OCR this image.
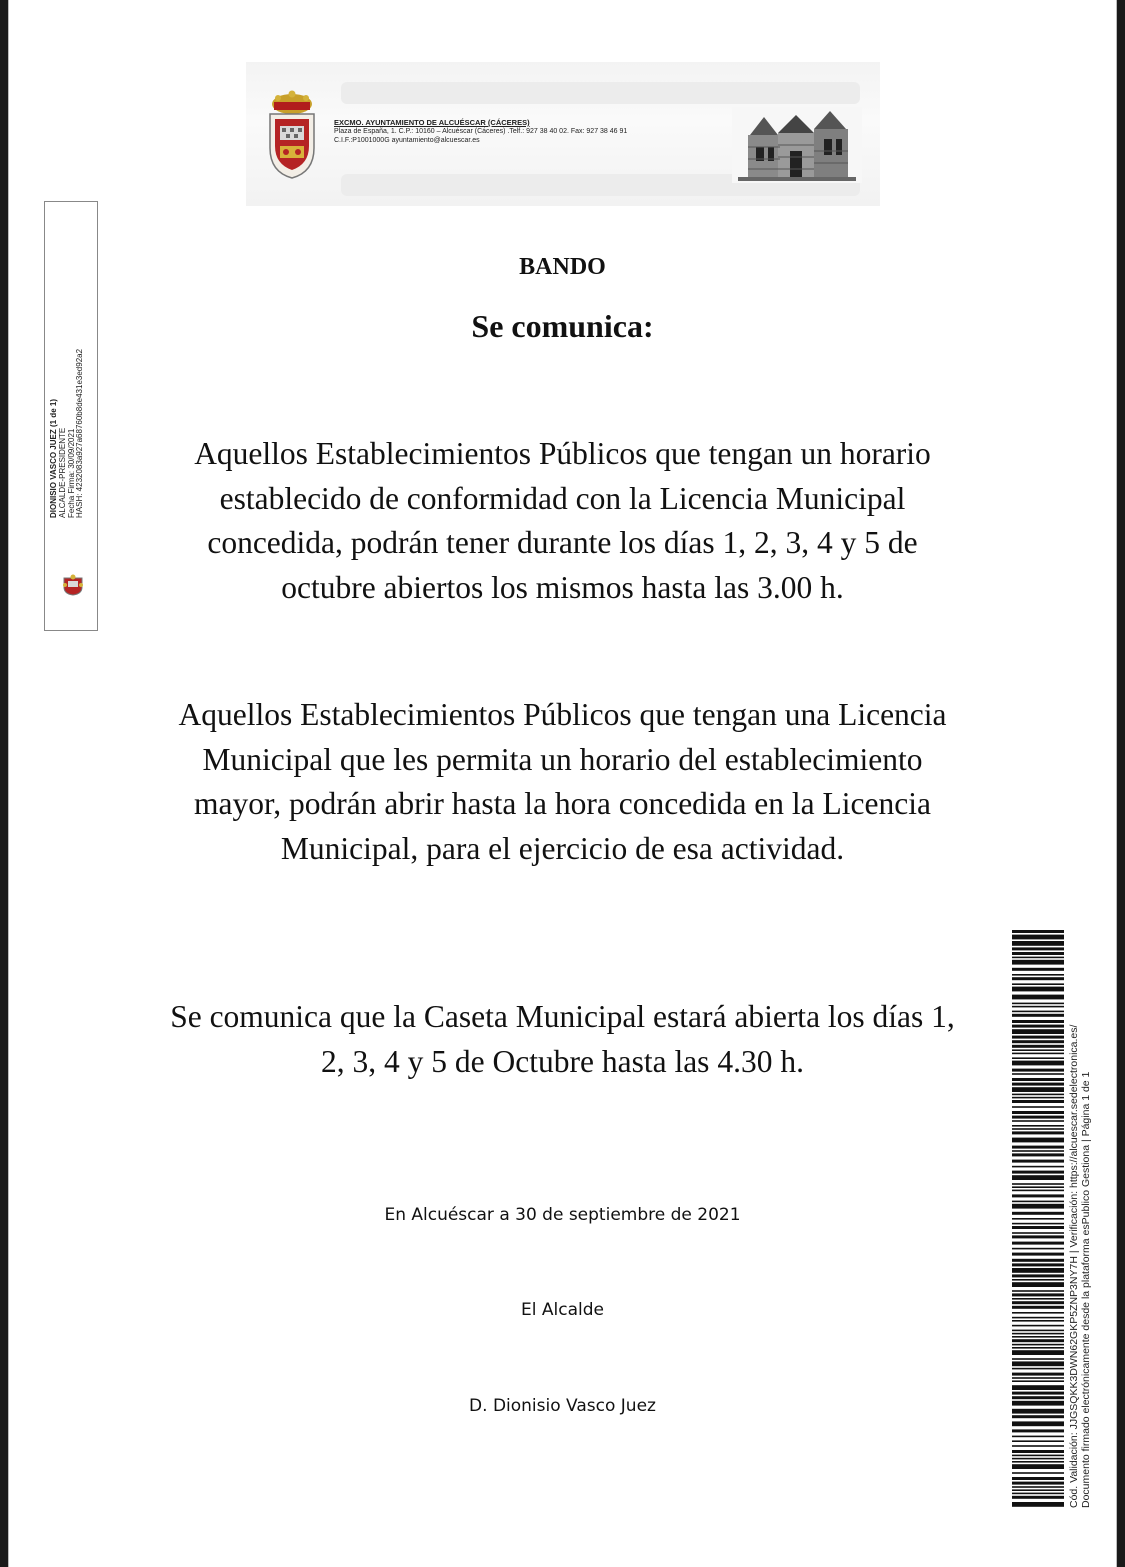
EXCMO. AYUNTAMIENTO DE ALCUÉSCAR (CÁCERES)
Plaza de España, 1. C.P.: 10160 – Alcuéscar (Cáceres) .Telf.: 927 38 40 02. Fax: 927 38 46 91
C.I.F.:P1001000G ayuntamiento@alcuescar.es
DIONISIO VASCO JUEZ (1 de 1) ALCALDE-PRESIDENTE Fecha Firma: 30/09/2021 HASH: 4232083a927a68760b8de431e3ed92a2
BANDO
Se comunica:
Aquellos Establecimientos Públicos que tengan un horario establecido de conformidad con la Licencia Municipal concedida, podrán tener durante los días 1, 2, 3, 4 y 5 de octubre abiertos los mismos hasta las 3.00 h.
Aquellos Establecimientos Públicos que tengan una Licencia Municipal que les permita un horario del establecimiento mayor, podrán abrir hasta la hora concedida en la Licencia Municipal, para el ejercicio de esa actividad.
Se comunica que la Caseta Municipal estará abierta los días 1, 2, 3, 4 y 5 de Octubre hasta las 4.30 h.
En Alcuéscar a 30 de septiembre de 2021
El Alcalde
D. Dionisio Vasco Juez	Cód. Validación: JJGSQKK3DWN62GKP5ZNP3NY7H | Verificación: https://alcuescar.sedelectronica.es/ Documento firmado electrónicamente desde la plataforma esPublico Gestiona | Página 1 de 1
